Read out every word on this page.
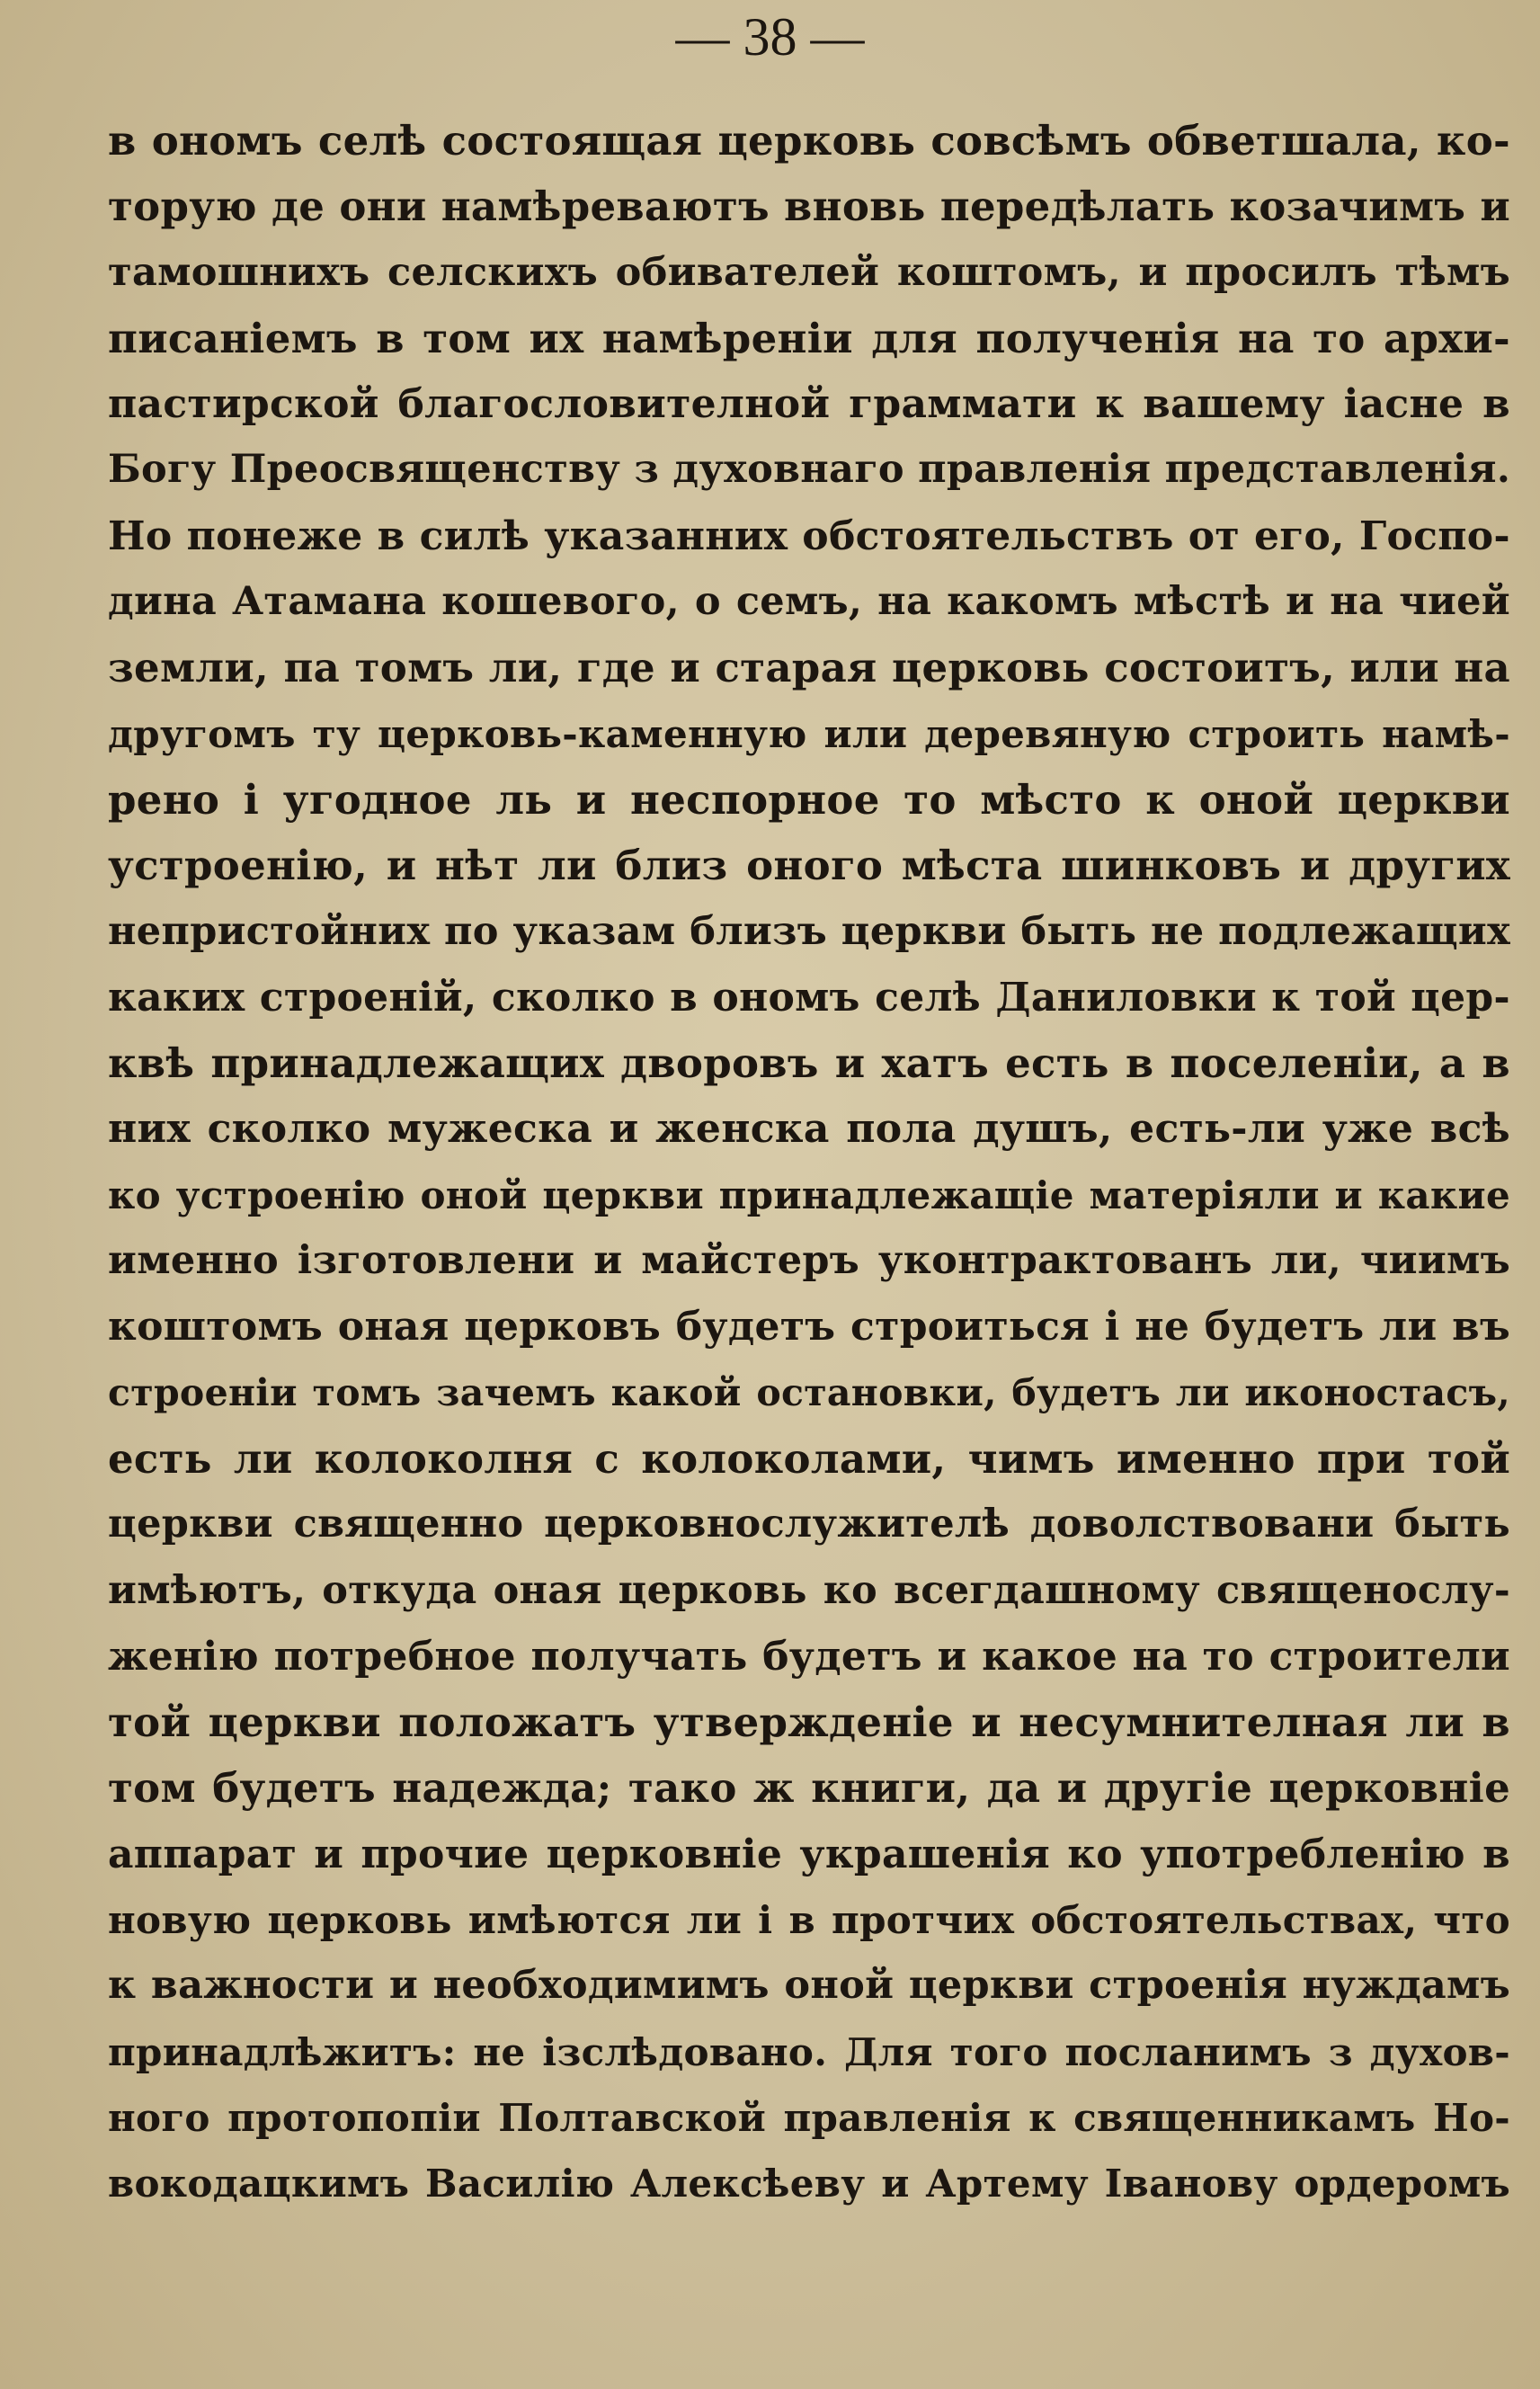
— 38 —
в ономъ селѣ состоящая церковь совсѣмъ обветшала, ко-
торую де они намѣреваютъ вновь передѣлать козачимъ и
тамошнихъ селскихъ обивателей коштомъ, и просилъ тѣмъ
писаніемъ в том их намѣреніи для полученія на то архи-
пастирской благословителной граммати к вашему іасне в
Богу Преосвященству з духовнаго правленія представленія.
Но понеже в силѣ указанних обстоятельствъ от его, Госпо-
дина Атамана кошевого, о семъ, на какомъ мѣстѣ и на чией
земли, па томъ ли, где и старая церковь состоитъ, или на
другомъ ту церковь-каменную или деревяную строить намѣ-
рено і угодное ль и неспорное то мѣсто к оной церкви
устроенію, и нѣт ли близ оного мѣста шинковъ и других
непристойних по указам близъ церкви быть не подлежащих
каких строеній, сколко в ономъ селѣ Даниловки к той цер-
квѣ принадлежащих дворовъ и хатъ есть в поселеніи, а в
них сколко мужеска и женска пола душъ, есть-ли уже всѣ
ко устроенію оной церкви принадлежащіе матеріяли и какие
именно ізготовлени и майстеръ уконтрактованъ ли, чиимъ
коштомъ оная церковъ будетъ строиться і не будетъ ли въ
строеніи томъ зачемъ какой остановки, будетъ ли иконостасъ,
есть ли колоколня с колоколами, чимъ именно при той
церкви священно церковнослужителѣ доволствовани быть
имѣютъ, откуда оная церковь ко всегдашному священослу-
женію потребное получать будетъ и какое на то строители
той церкви положатъ утвержденіе и несумнителная ли в
том будетъ надежда; тако ж книги, да и другіе церковніе
аппарат и прочие церковніе украшенія ко употребленію в
новую церковь имѣются ли і в протчих обстоятельствах, что
к важности и необходимимъ оной церкви строенія нуждамъ
принадлѣжитъ: не ізслѣдовано. Для того посланимъ з духов-
ного протопопіи Полтавской правленія к священникамъ Но-
вокодацкимъ Василію Алексѣеву и Артему Іванову ордеромъ
